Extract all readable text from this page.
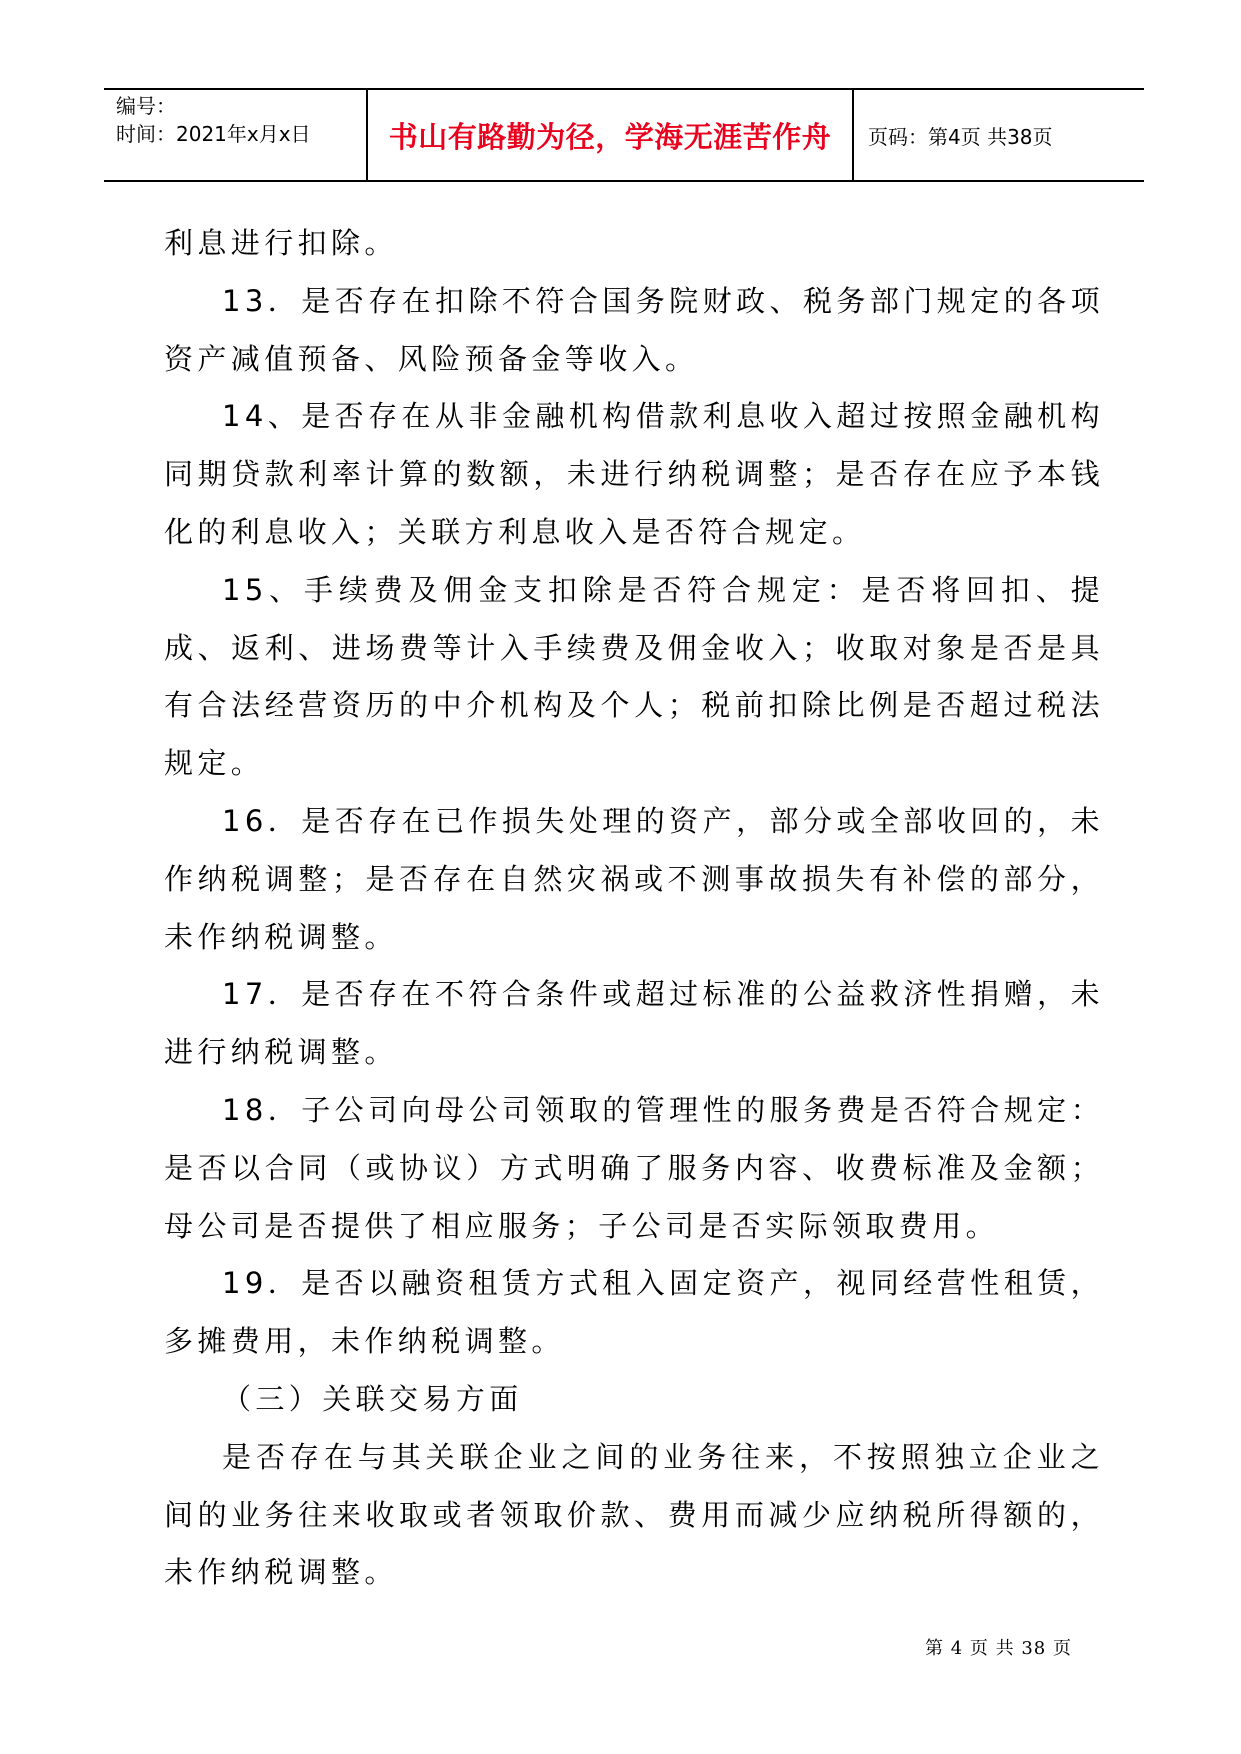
编号：
时间：2021年x月x日	书山有路勤为径，学海无涯苦作舟	页码：第4页 共38页

利息进行扣除。

13．是否存在扣除不符合国务院财政、税务部门规定的各项资产减值预备、风险预备金等收入。

14、是否存在从非金融机构借款利息收入超过按照金融机构同期贷款利率计算的数额，未进行纳税调整；是否存在应予本钱化的利息收入；关联方利息收入是否符合规定。

15、手续费及佣金支扣除是否符合规定：是否将回扣、提成、返利、进场费等计入手续费及佣金收入；收取对象是否是具有合法经营资历的中介机构及个人；税前扣除比例是否超过税法规定。

16．是否存在已作损失处理的资产，部分或全部收回的，未作纳税调整；是否存在自然灾祸或不测事故损失有补偿的部分，未作纳税调整。

17．是否存在不符合条件或超过标准的公益救济性捐赠，未进行纳税调整。

18．子公司向母公司领取的管理性的服务费是否符合规定：是否以合同（或协议）方式明确了服务内容、收费标准及金额；母公司是否提供了相应服务；子公司是否实际领取费用。

19．是否以融资租赁方式租入固定资产，视同经营性租赁，多摊费用，未作纳税调整。

（三）关联交易方面

是否存在与其关联企业之间的业务往来，不按照独立企业之间的业务往来收取或者领取价款、费用而减少应纳税所得额的，未作纳税调整。

第 4 页 共 38 页
